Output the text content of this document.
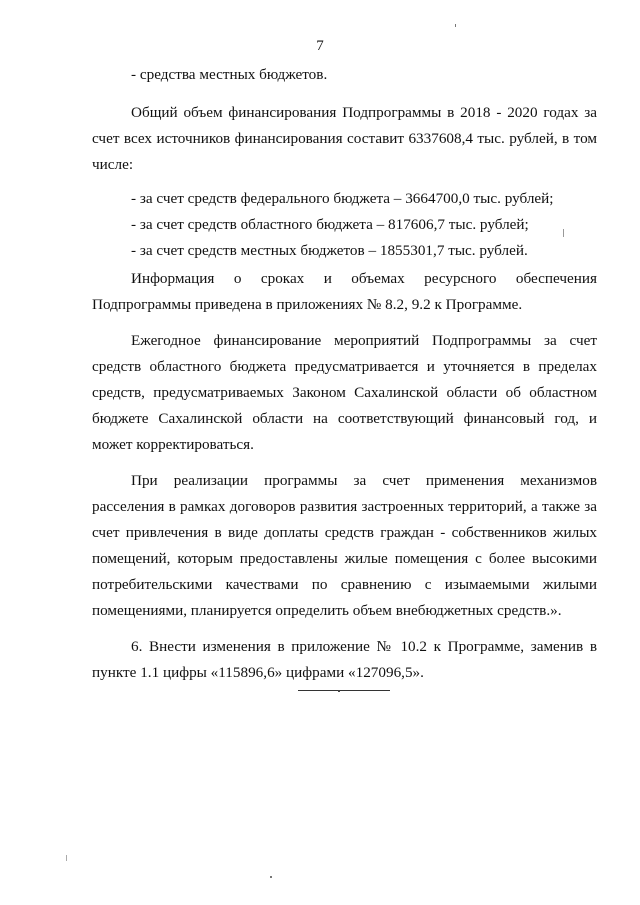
7

- средства местных бюджетов.

Общий объем финансирования Подпрограммы в 2018 - 2020 годах за счет всех источников финансирования составит 6337608,4 тыс. рублей, в том числе:

- за счет средств федерального бюджета – 3664700,0 тыс. рублей;

- за счет средств областного бюджета – 817606,7 тыс. рублей;

- за счет средств местных бюджетов – 1855301,7 тыс. рублей.

Информация о сроках и объемах ресурсного обеспечения Подпрограммы приведена в приложениях № 8.2, 9.2 к Программе.

Ежегодное финансирование мероприятий Подпрограммы за счет средств областного бюджета предусматривается и уточняется в пределах средств, предусматриваемых Законом Сахалинской области об областном бюджете Сахалинской области на соответствующий финансовый год, и может корректироваться.

При реализации программы за счет применения механизмов расселения в рамках договоров развития застроенных территорий, а также за счет привлечения в виде доплаты средств граждан - собственников жилых помещений, которым предоставлены жилые помещения с более высокими потребительскими качествами по сравнению с изымаемыми жилыми помещениями, планируется определить объем внебюджетных средств.».

6. Внести изменения в приложение № 10.2 к Программе, заменив в пункте 1.1 цифры «115896,6» цифрами «127096,5».
